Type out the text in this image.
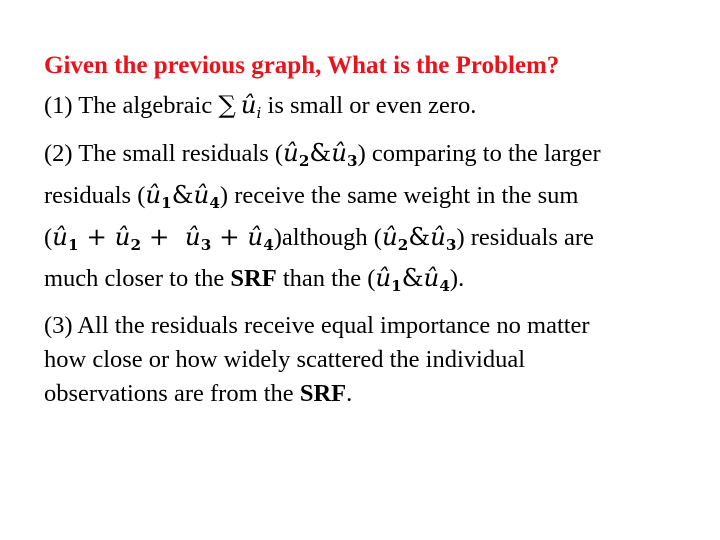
Given the previous graph, What is the Problem?

(1) The algebraic ∑  ûi is small or even zero.

(2) The small residuals $(û_2\&û_3)$ comparing to the larger
residuals $(û_1\&û_4)$ receive the same weight in the sum
($û_1$ + $û_2$ + $û_3$ + $û_4)although$ $(û_2\&û_3)$ residuals are
much closer to the SRF than the $(û_1\&û_4)$.

(3) All the residuals receive equal importance no matter
how close or how widely scattered the individual
observations are from the SRF.
